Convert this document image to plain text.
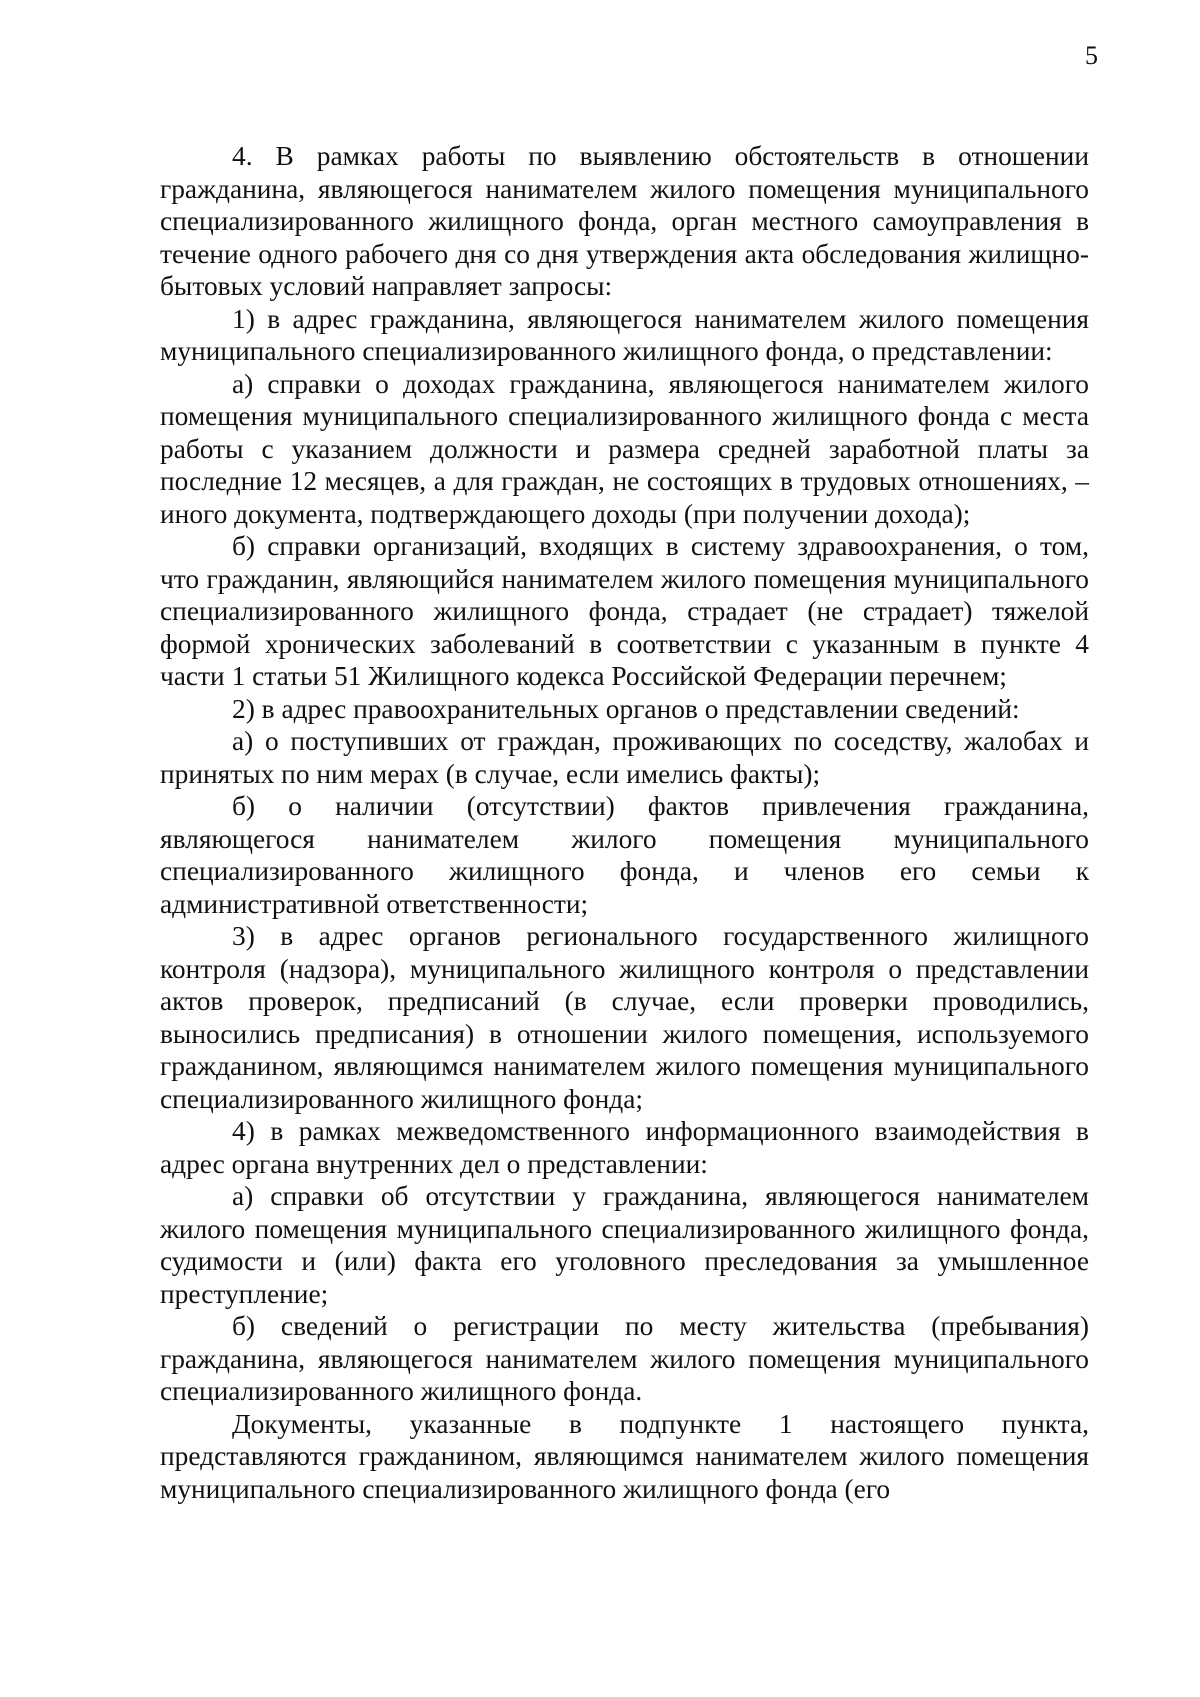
5

4. В рамках работы по выявлению обстоятельств в отношении гражданина, являющегося нанимателем жилого помещения муниципального специализированного жилищного фонда, орган местного самоуправления в течение одного рабочего дня со дня утверждения акта обследования жилищно-бытовых условий направляет запросы:

1) в адрес гражданина, являющегося нанимателем жилого помещения муниципального специализированного жилищного фонда, о представлении:

а) справки о доходах гражданина, являющегося нанимателем жилого помещения муниципального специализированного жилищного фонда с места работы с указанием должности и размера средней заработной платы за последние 12 месяцев, а для граждан, не состоящих в трудовых отношениях, – иного документа, подтверждающего доходы (при получении дохода);

б) справки организаций, входящих в систему здравоохранения, о том, что гражданин, являющийся нанимателем жилого помещения муниципального специализированного жилищного фонда, страдает (не страдает) тяжелой формой хронических заболеваний в соответствии с указанным в пункте 4 части 1 статьи 51 Жилищного кодекса Российской Федерации перечнем;

2) в адрес правоохранительных органов о представлении сведений:

а) о поступивших от граждан, проживающих по соседству, жалобах и принятых по ним мерах (в случае, если имелись факты);

б) о наличии (отсутствии) фактов привлечения гражданина, являющегося нанимателем жилого помещения муниципального специализированного жилищного фонда, и членов его семьи к административной ответственности;

3) в адрес органов регионального государственного жилищного контроля (надзора), муниципального жилищного контроля о представлении актов проверок, предписаний (в случае, если проверки проводились, выносились предписания) в отношении жилого помещения, используемого гражданином, являющимся нанимателем жилого помещения муниципального специализированного жилищного фонда;

4) в рамках межведомственного информационного взаимодействия в адрес органа внутренних дел о представлении:

а) справки об отсутствии у гражданина, являющегося нанимателем жилого помещения муниципального специализированного жилищного фонда, судимости и (или) факта его уголовного преследования за умышленное преступление;

б) сведений о регистрации по месту жительства (пребывания) гражданина, являющегося нанимателем жилого помещения муниципального специализированного жилищного фонда.

Документы, указанные в подпункте 1 настоящего пункта, представляются гражданином, являющимся нанимателем жилого помещения муниципального специализированного жилищного фонда (его
